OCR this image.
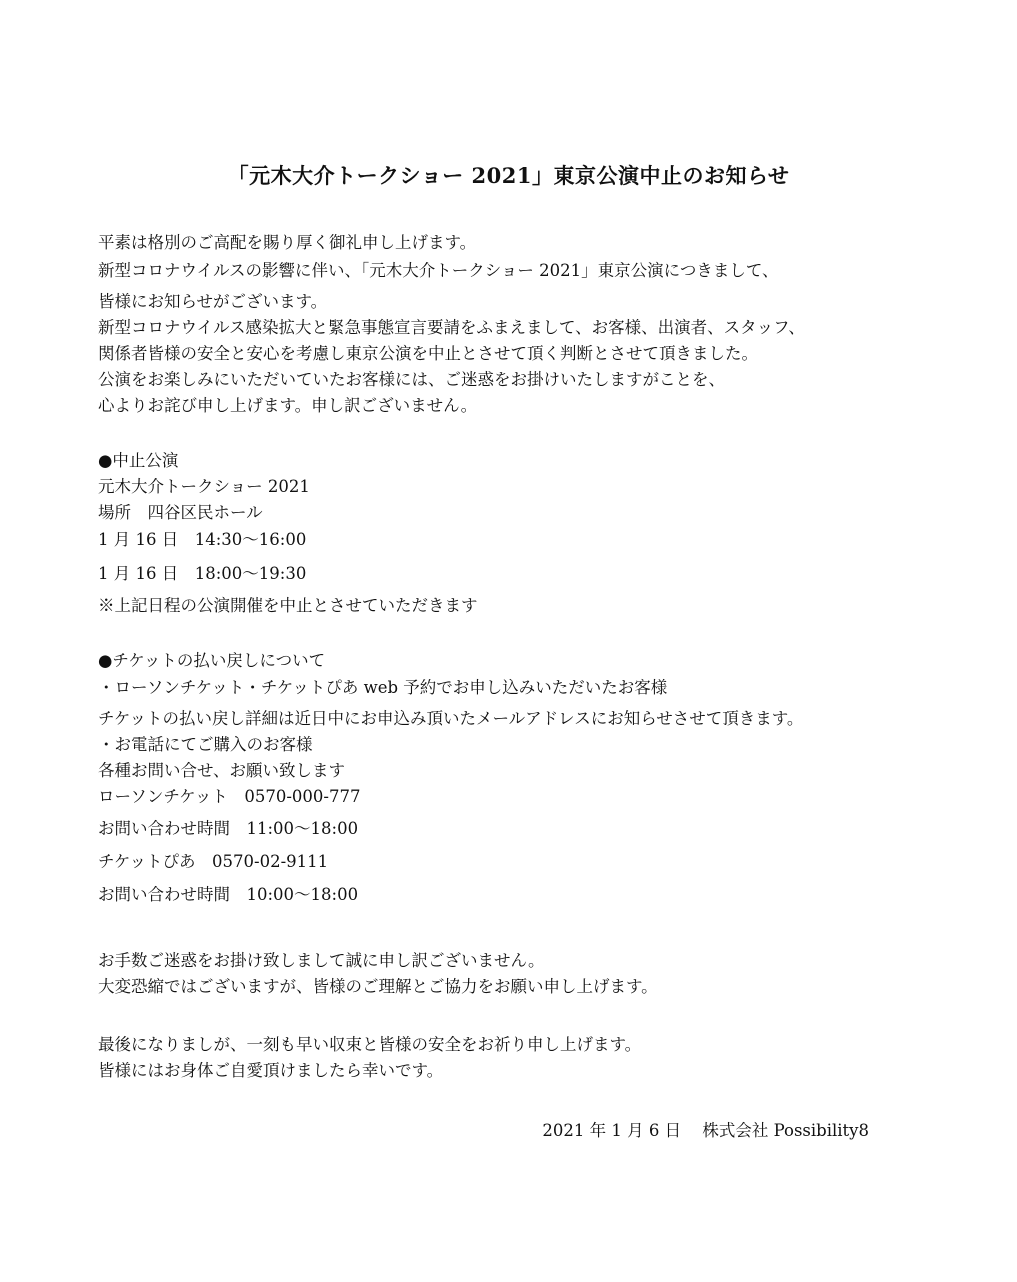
「元木大介トークショー 2021」東京公演中止のお知らせ
平素は格別のご高配を賜り厚く御礼申し上げます。
新型コロナウイルスの影響に伴い、「元木大介トークショー 2021」東京公演につきまして、
皆様にお知らせがございます。
新型コロナウイルス感染拡大と緊急事態宣言要請をふまえまして、お客様、出演者、スタッフ、
関係者皆様の安全と安心を考慮し東京公演を中止とさせて頂く判断とさせて頂きました。
公演をお楽しみにいただいていたお客様には、ご迷惑をお掛けいたしますがことを、
心よりお詫び申し上げます。申し訳ございません。
●中止公演
元木大介トークショー 2021
場所　四谷区民ホール
1 月 16 日　14:30〜16:00
1 月 16 日　18:00〜19:30
※上記日程の公演開催を中止とさせていただきます
●チケットの払い戻しについて
・ローソンチケット・チケットぴあ web 予約でお申し込みいただいたお客様
チケットの払い戻し詳細は近日中にお申込み頂いたメールアドレスにお知らせさせて頂きます。
・お電話にてご購入のお客様
各種お問い合せ、お願い致します
ローソンチケット　0570-000-777
お問い合わせ時間　11:00〜18:00
チケットぴあ　0570-02-9111
お問い合わせ時間　10:00〜18:00
お手数ご迷惑をお掛け致しまして誠に申し訳ございません。
大変恐縮ではございますが、皆様のご理解とご協力をお願い申し上げます。
最後になりましが、一刻も早い収束と皆様の安全をお祈り申し上げます。
皆様にはお身体ご自愛頂けましたら幸いです。
2021 年 1 月 6 日 株式会社 Possibility8
